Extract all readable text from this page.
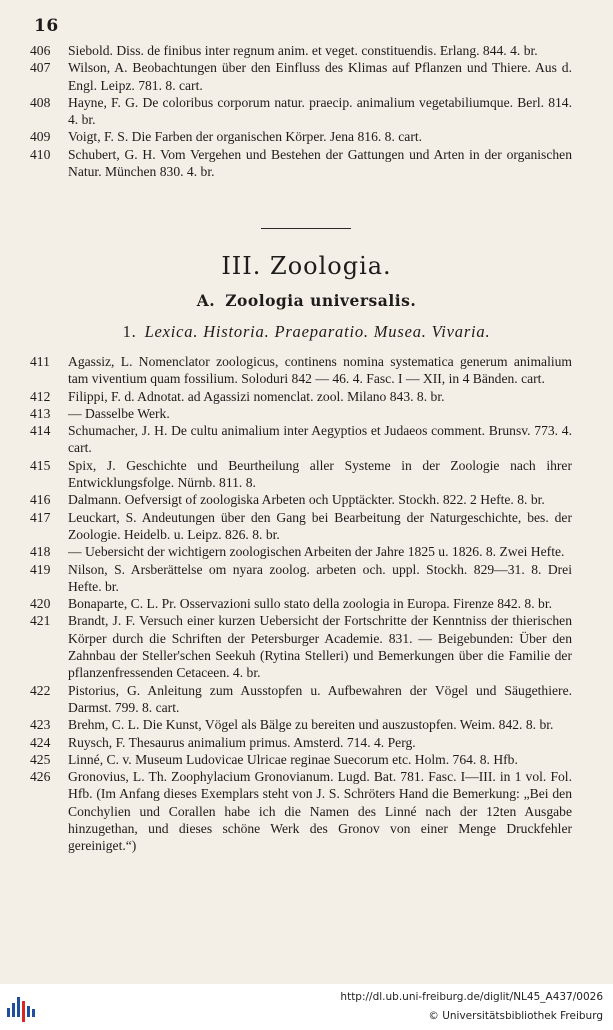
16
406	Siebold. Diss. de finibus inter regnum anim. et veget. constituendis. Erlang. 844. 4. br.
407	Wilson, A. Beobachtungen über den Einfluss des Klimas auf Pflanzen und Thiere. Aus d. Engl. Leipz. 781. 8. cart.
408	Hayne, F. G. De coloribus corporum natur. praecip. animalium vegetabiliumque. Berl. 814. 4. br.
409	Voigt, F. S. Die Farben der organischen Körper. Jena 816. 8. cart.
410	Schubert, G. H. Vom Vergehen und Bestehen der Gattungen und Arten in der organischen Natur. München 830. 4. br.
III. Zoologia.
A. Zoologia universalis.
1. Lexica. Historia. Praeparatio. Musea. Vivaria.
411	Agassiz, L. Nomenclator zoologicus, continens nomina systematica generum animalium tam viventium quam fossilium. Soloduri 842 — 46. 4. Fasc. I — XII, in 4 Bänden. cart.
412	Filippi, F. d. Adnotat. ad Agassizi nomenclat. zool. Milano 843. 8. br.
413	— Dasselbe Werk.
414	Schumacher, J. H. De cultu animalium inter Aegyptios et Judaeos comment. Brunsv. 773. 4. cart.
415	Spix, J. Geschichte und Beurtheilung aller Systeme in der Zoologie nach ihrer Entwicklungsfolge. Nürnb. 811. 8.
416	Dalmann. Oefversigt of zoologiska Arbeten och Upptäckter. Stockh. 822. 2 Hefte. 8. br.
417	Leuckart, S. Andeutungen über den Gang bei Bearbeitung der Naturgeschichte, bes. der Zoologie. Heidelb. u. Leipz. 826. 8. br.
418	— Uebersicht der wichtigern zoologischen Arbeiten der Jahre 1825 u. 1826. 8. Zwei Hefte.
419	Nilson, S. Arsberättelse om nyara zoolog. arbeten och. uppl. Stockh. 829—31. 8. Drei Hefte. br.
420	Bonaparte, C. L. Pr. Osservazioni sullo stato della zoologia in Europa. Firenze 842. 8. br.
421	Brandt, J. F. Versuch einer kurzen Uebersicht der Fortschritte der Kenntniss der thierischen Körper durch die Schriften der Petersburger Academie. 831. — Beigebunden: Über den Zahnbau der Steller'schen Seekuh (Rytina Stelleri) und Bemerkungen über die Familie der pflanzenfressenden Cetaceen. 4. br.
422	Pistorius, G. Anleitung zum Ausstopfen u. Aufbewahren der Vögel und Säugethiere. Darmst. 799. 8. cart.
423	Brehm, C. L. Die Kunst, Vögel als Bälge zu bereiten und auszustopfen. Weim. 842. 8. br.
424	Ruysch, F. Thesaurus animalium primus. Amsterd. 714. 4. Perg.
425	Linné, C. v. Museum Ludovicae Ulricae reginae Suecorum etc. Holm. 764. 8. Hfb.
426	Gronovius, L. Th. Zoophylacium Gronovianum. Lugd. Bat. 781. Fasc. I—III. in 1 vol. Fol. Hfb. (Im Anfang dieses Exemplars steht von J. S. Schröters Hand die Bemerkung: „Bei den Conchylien und Corallen habe ich die Namen des Linné nach der 12ten Ausgabe hinzugethan, und dieses schöne Werk des Gronov von einer Menge Druckfehler gereiniget.“)
http://dl.ub.uni-freiburg.de/diglit/NL45_A437/0026
© Universitätsbibliothek Freiburg
